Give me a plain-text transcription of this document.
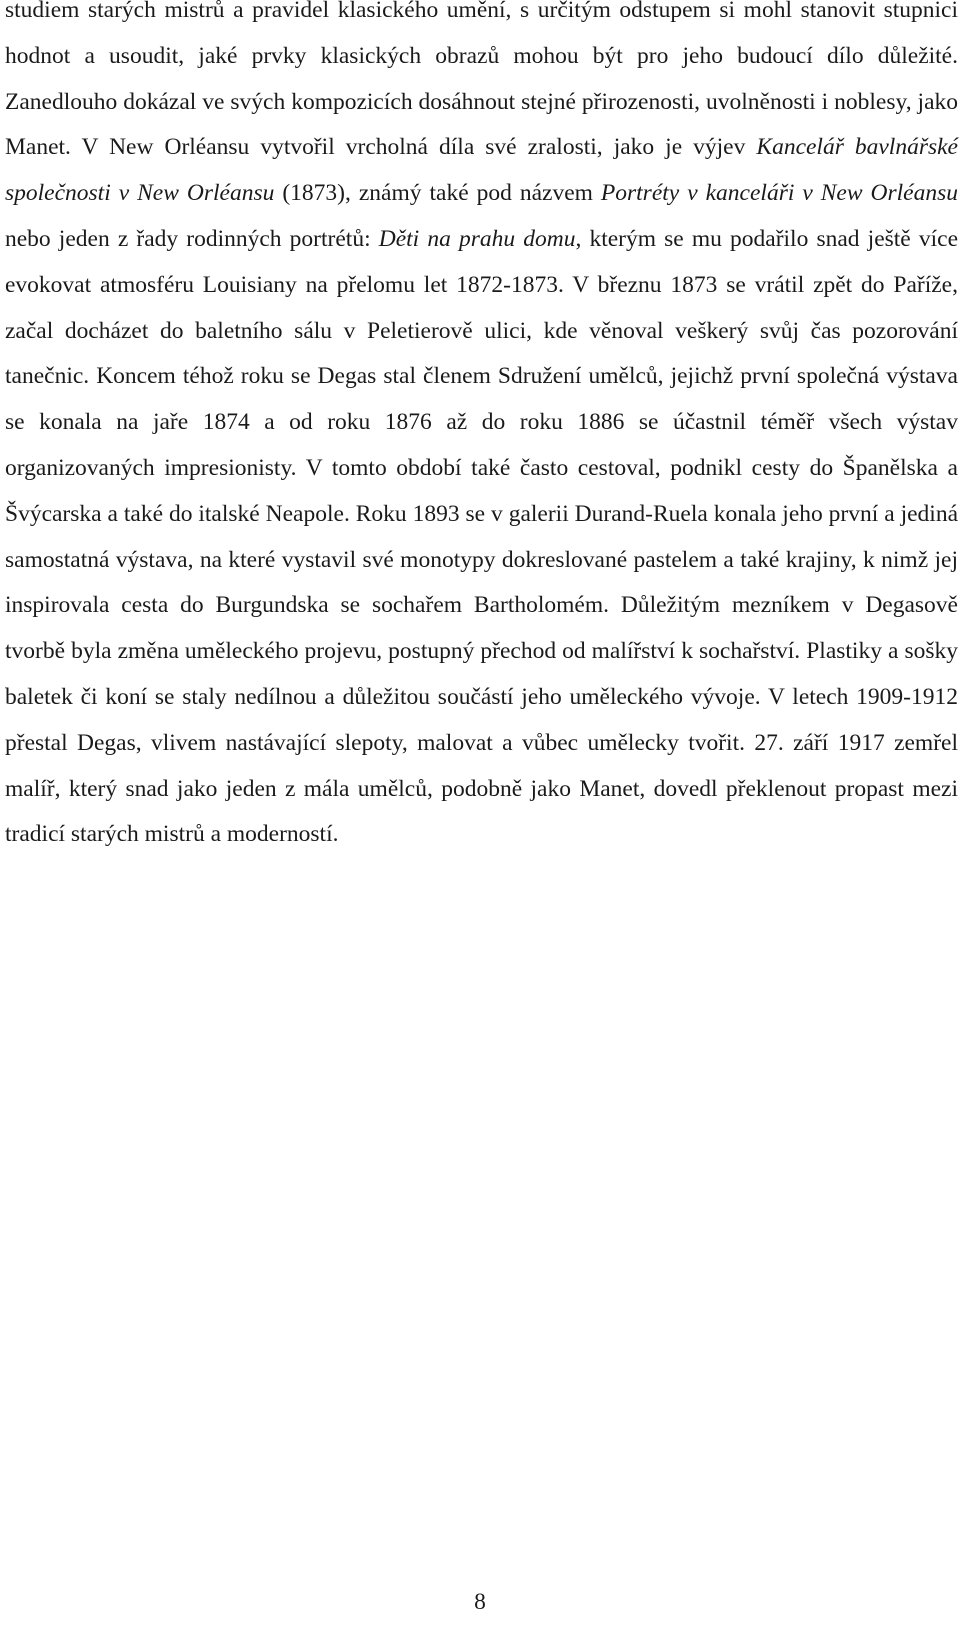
studiem starých mistrů a pravidel klasického umění, s určitým odstupem si mohl stanovit stupnici hodnot a usoudit, jaké prvky klasických obrazů mohou být pro jeho budoucí dílo důležité. Zanedlouho dokázal ve svých kompozicích dosáhnout stejné přirozenosti, uvolněnosti i noblesy, jako Manet. V New Orléansu vytvořil vrcholná díla své zralosti, jako je výjev Kancelář bavlnářské společnosti v New Orléansu (1873), známý také pod názvem Portréty v kanceláři v New Orléansu nebo jeden z řady rodinných portrétů: Děti na prahu domu, kterým se mu podařilo snad ještě více evokovat atmosféru Louisiany na přelomu let 1872-1873. V březnu 1873 se vrátil zpět do Paříže, začal docházet do baletního sálu v Peletierově ulici, kde věnoval veškerý svůj čas pozorování tanečnic. Koncem téhož roku se Degas stal členem Sdružení umělců, jejichž první společná výstava se konala na jaře 1874 a od roku 1876 až do roku 1886 se účastnil téměř všech výstav organizovaných impresionisty. V tomto období také často cestoval, podnikl cesty do Španělska a Švýcarska a také do italské Neapole. Roku 1893 se v galerii Durand-Ruela konala jeho první a jediná samostatná výstava, na které vystavil své monotypy dokreslované pastelem a také krajiny, k nimž jej inspirovala cesta do Burgundska se sochařem Bartholomém. Důležitým mezníkem v Degasově tvorbě byla změna uměleckého projevu, postupný přechod od malířství k sochařství. Plastiky a sošky baletek či koní se staly nedílnou a důležitou součástí jeho uměleckého vývoje. V letech 1909-1912 přestal Degas, vlivem nastávající slepoty, malovat a vůbec umělecky tvořit. 27. září 1917 zemřel malíř, který snad jako jeden z mála umělců, podobně jako Manet, dovedl překlenout propast mezi tradicí starých mistrů a moderností.

8
